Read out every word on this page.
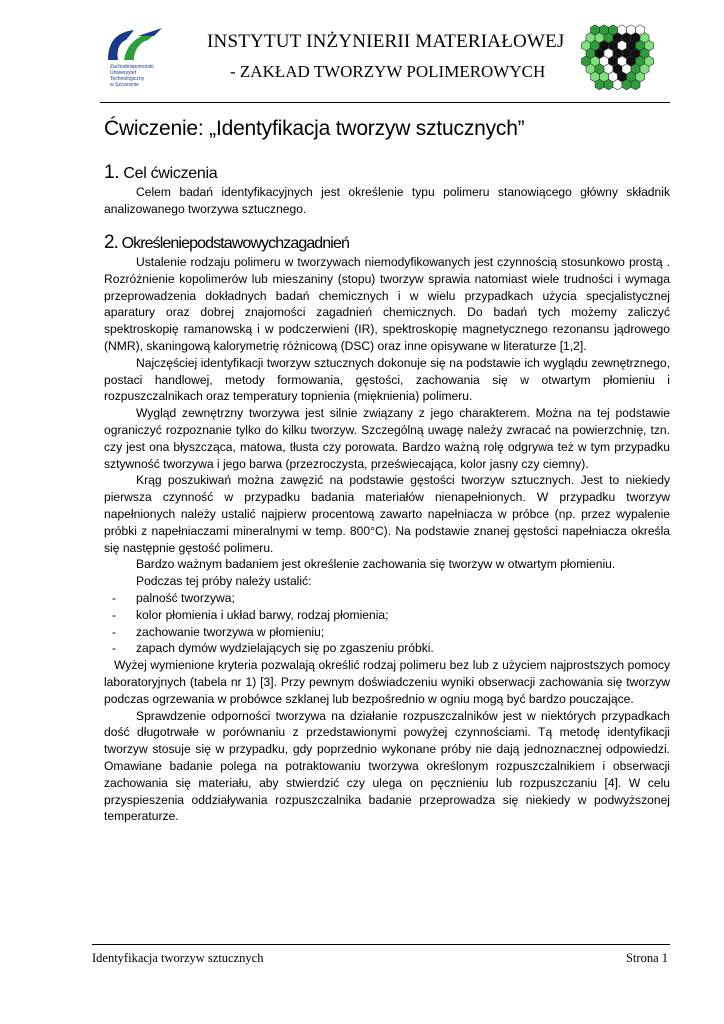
Zachodniopomorski
Uniwersytet
Technologiczny
w Szczecinie
INSTYTUT INŻYNIERII MATERIAŁOWEJ
- ZAKŁAD TWORZYW POLIMEROWYCH
Ćwiczenie: „Identyfikacja tworzyw sztucznych”
1. Cel ćwiczenia

Celem badań identyfikacyjnych jest określenie typu polimeru stanowiącego główny składnik analizowanego tworzywa sztucznego.

2. Określeniepodstawowychzagadnień

Ustalenie rodzaju polimeru w tworzywach niemodyfikowanych jest czynnością stosunkowo prostą . Rozróżnienie kopolimerów lub mieszaniny (stopu) tworzyw sprawia natomiast wiele trudności i wymaga przeprowadzenia dokładnych badań chemicznych i w wielu przypadkach użycia specjalistycznej aparatury oraz dobrej znajomości zagadnień chemicznych. Do badań tych możemy zaliczyć spektroskopię ramanowską i w podczerwieni (IR), spektroskopię magnetycznego rezonansu jądrowego (NMR), skaningową kalorymetrię różnicową (DSC) oraz inne opisywane w literaturze [1,2].

Najczęściej identyfikacji tworzyw sztucznych dokonuje się na podstawie ich wyglądu zewnętrznego, postaci handlowej, metody formowania, gęstości, zachowania się w otwartym płomieniu i rozpuszczalnikach oraz temperatury topnienia (mięknienia) polimeru.

Wygląd zewnętrzny tworzywa jest silnie związany z jego charakterem. Można na tej podstawie ograniczyć rozpoznanie tylko do kilku tworzyw. Szczególną uwagę należy zwracać na powierzchnię, tzn. czy jest ona błyszcząca, matowa, tłusta czy porowata. Bardzo ważną rolę odgrywa też w tym przypadku sztywność tworzywa i jego barwa (przezroczysta, przeświecająca, kolor jasny czy ciemny).

Krąg poszukiwań można zawęzić na podstawie gęstości tworzyw sztucznych. Jest to niekiedy pierwsza czynność w przypadku badania materiałów nienapełnionych. W przypadku tworzyw napełnionych należy ustalić najpierw procentową zawarto napełniacza w próbce (np. przez wypalenie próbki z napełniaczami mineralnymi w temp. 800°C). Na podstawie znanej gęstości napełniacza określa się następnie gęstość polimeru.

Bardzo ważnym badaniem jest określenie zachowania się tworzyw w otwartym płomieniu.

Podczas tej próby należy ustalić:

- palność tworzywa;
- kolor płomienia i układ barwy, rodzaj płomienia;
- zachowanie tworzywa w płomieniu;
- zapach dymów wydzielających się po zgaszeniu próbki.

Wyżej wymienione kryteria pozwalają określić rodzaj polimeru bez lub z użyciem najprostszych pomocy laboratoryjnych (tabela nr 1) [3]. Przy pewnym doświadczeniu wyniki obserwacji zachowania się tworzyw podczas ogrzewania w probówce szklanej lub bezpośrednio w ogniu mogą być bardzo pouczające.

Sprawdzenie odporności tworzywa na działanie rozpuszczalników jest w niektórych przypadkach dość długotrwałe w porównaniu z przedstawionymi powyżej czynnościami. Tą metodę identyfikacji tworzyw stosuje się w przypadku, gdy poprzednio wykonane próby nie dają jednoznacznej odpowiedzi. Omawiane badanie polega na potraktowaniu tworzywa określonym rozpuszczalnikiem i obserwacji zachowania się materiału, aby stwierdzić czy ulega on pęcznieniu lub rozpuszczaniu [4]. W celu przyspieszenia oddziaływania rozpuszczalnika badanie przeprowadza się niekiedy w podwyższonej temperaturze.

Identyfikacja tworzyw sztucznych	Strona 1
